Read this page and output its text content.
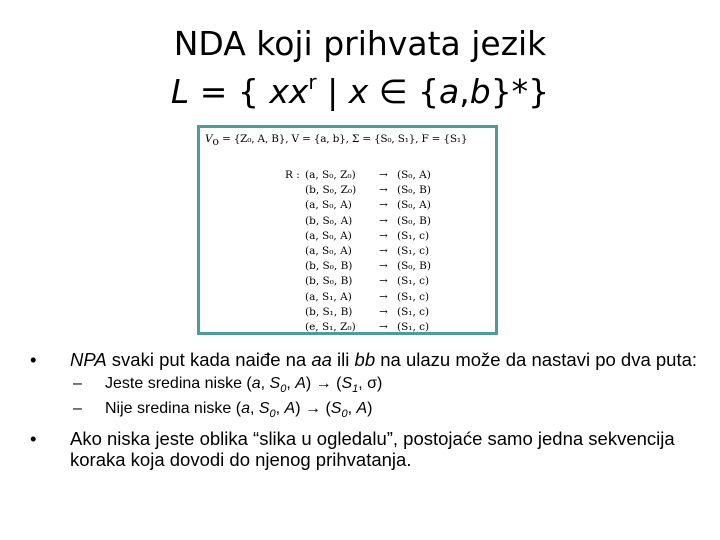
NDA koji prihvata jezik
L = { $xx^r$ | x ∈ {a,b}*}
$V_o = \{Z_0$, A, B}, V = {a, b}, Σ = {S₀, S₁}, F = {S₁}
R : (a, S₀, Z₀) → (S₀, A)
(b, S₀, Z₀) → (S₀, B)
(a, S₀, A)	→ (S₀, A)
(b, S₀, A)	→ (S₀, B)
(a, S₀, A)	→ (S₁, c)
(a, S₀, A)	→ (S₁, c)
(b, S₀, B)	→ (S₀, B)
(b, S₀, B)	→ (S₁, c)
(a, S₁, A)	→ (S₁, c)
(b, S₁, B)	→ (S₁, c)
(e, S₁, Z₀) → (S₁, c)
• NPA svaki put kada naiđe na aa ili bb na ulazu može da nastavi po dva puta:
– Jeste sredina niske (a, $S_0$, $A) \to (S_1$, σ)
– Nije sredina niske (a, $S_0$, $A) \to (S_0$, A)
• Ako niska jeste oblika “slika u ogledalu”, postojaće samo jedna sekvencija koraka koja dovodi do njenog prihvatanja.
